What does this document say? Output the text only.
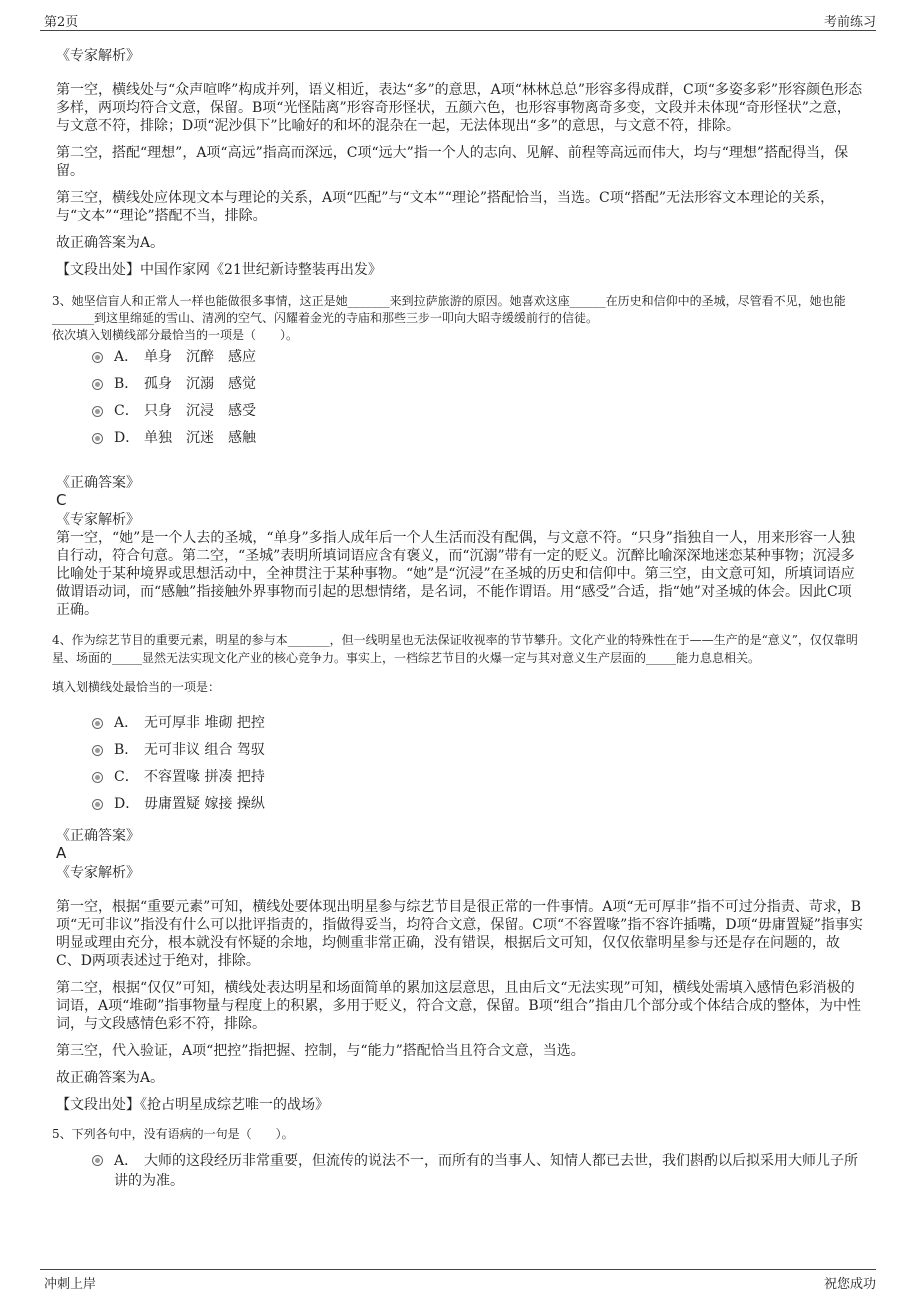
第2页	考前练习

《专家解析》

第一空，横线处与“众声喧哗”构成并列，语义相近，表达“多”的意思，A项“林林总总”形容多得成群，C项“多姿多彩”形容颜色形态多样，两项均符合文意，保留。B项“光怪陆离”形容奇形怪状，五颜六色，也形容事物离奇多变，文段并未体现“奇形怪状”之意，与文意不符，排除；D项“泥沙俱下”比喻好的和坏的混杂在一起，无法体现出“多”的意思，与文意不符，排除。

第二空，搭配“理想”，A项“高远”指高而深远，C项“远大”指一个人的志向、见解、前程等高远而伟大，均与“理想”搭配得当，保留。

第三空，横线处应体现文本与理论的关系，A项“匹配”与“文本”“理论”搭配恰当，当选。C项“搭配”无法形容文本理论的关系，与“文本”“理论”搭配不当，排除。

故正确答案为A。

【文段出处】中国作家网《21世纪新诗整装再出发》

3、她坚信盲人和正常人一样也能做很多事情，这正是她_______来到拉萨旅游的原因。她喜欢这座______在历史和信仰中的圣城，尽管看不见，她也能_______到这里绵延的雪山、清冽的空气、闪耀着金光的寺庙和那些三步一叩向大昭寺缓缓前行的信徒。

依次填入划横线部分最恰当的一项是（　　）。

A． 单身　沉醉　感应
B． 孤身　沉溺　感觉
C． 只身　沉浸　感受
D． 单独　沉迷　感触

《正确答案》

C

《专家解析》

第一空，“她”是一个人去的圣城，“单身”多指人成年后一个人生活而没有配偶，与文意不符。“只身”指独自一人，用来形容一人独自行动，符合句意。第二空，“圣城”表明所填词语应含有褒义，而“沉溺”带有一定的贬义。沉醉比喻深深地迷恋某种事物；沉浸多比喻处于某种境界或思想活动中，全神贯注于某种事物。“她”是“沉浸”在圣城的历史和信仰中。第三空，由文意可知，所填词语应做谓语动词，而“感触”指接触外界事物而引起的思想情绪，是名词，不能作谓语。用“感受”合适，指“她”对圣城的体会。因此C项正确。

4、作为综艺节目的重要元素，明星的参与本_______，但一线明星也无法保证收视率的节节攀升。文化产业的特殊性在于——生产的是“意义”，仅仅靠明星、场面的_____显然无法实现文化产业的核心竞争力。事实上，一档综艺节目的火爆一定与其对意义生产层面的_____能力息息相关。

填入划横线处最恰当的一项是：

A． 无可厚非 堆砌 把控
B． 无可非议 组合 驾驭
C． 不容置喙 拼凑 把持
D． 毋庸置疑 嫁接 操纵

《正确答案》

A

《专家解析》

第一空，根据“重要元素”可知，横线处要体现出明星参与综艺节目是很正常的一件事情。A项“无可厚非”指不可过分指责、苛求，B项“无可非议”指没有什么可以批评指责的，指做得妥当，均符合文意，保留。C项“不容置喙”指不容许插嘴，D项“毋庸置疑”指事实明显或理由充分，根本就没有怀疑的余地，均侧重非常正确，没有错误，根据后文可知，仅仅依靠明星参与还是存在问题的，故C、D两项表述过于绝对，排除。

第二空，根据“仅仅”可知，横线处表达明星和场面简单的累加这层意思，且由后文“无法实现”可知，横线处需填入感情色彩消极的词语，A项“堆砌”指事物量与程度上的积累，多用于贬义，符合文意，保留。B项“组合”指由几个部分或个体结合成的整体，为中性词，与文段感情色彩不符，排除。

第三空，代入验证，A项“把控”指把握、控制，与“能力”搭配恰当且符合文意，当选。

故正确答案为A。

【文段出处】《抢占明星成综艺唯一的战场》

5、下列各句中，没有语病的一句是（　　）。

A． 大师的这段经历非常重要，但流传的说法不一，而所有的当事人、知情人都已去世，我们斟酌以后拟采用大师儿子所讲的为准。
冲刺上岸	祝您成功
